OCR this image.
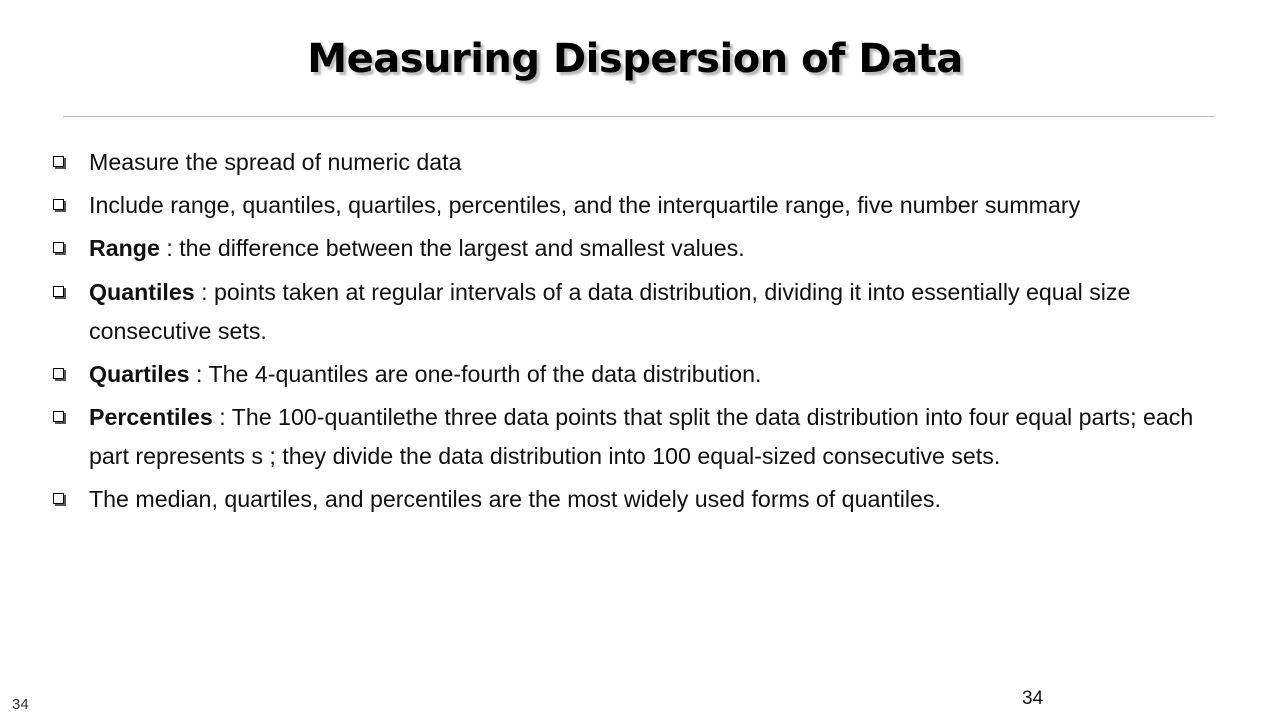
Measuring Dispersion of Data
Measure the spread of numeric data
Include range, quantiles, quartiles, percentiles, and the interquartile range, five number summary
Range : the difference between the largest and smallest values.
Quantiles : points taken at regular intervals of a data distribution, dividing it into essentially equal size consecutive sets.
Quartiles : The 4-quantiles are one-fourth of the data distribution.
Percentiles : The 100-quantilethe three data points that split the data distribution into four equal parts; each part represents s ; they divide the data distribution into 100 equal-sized consecutive sets.
The median, quartiles, and percentiles are the most widely used forms of quantiles.
34	34
